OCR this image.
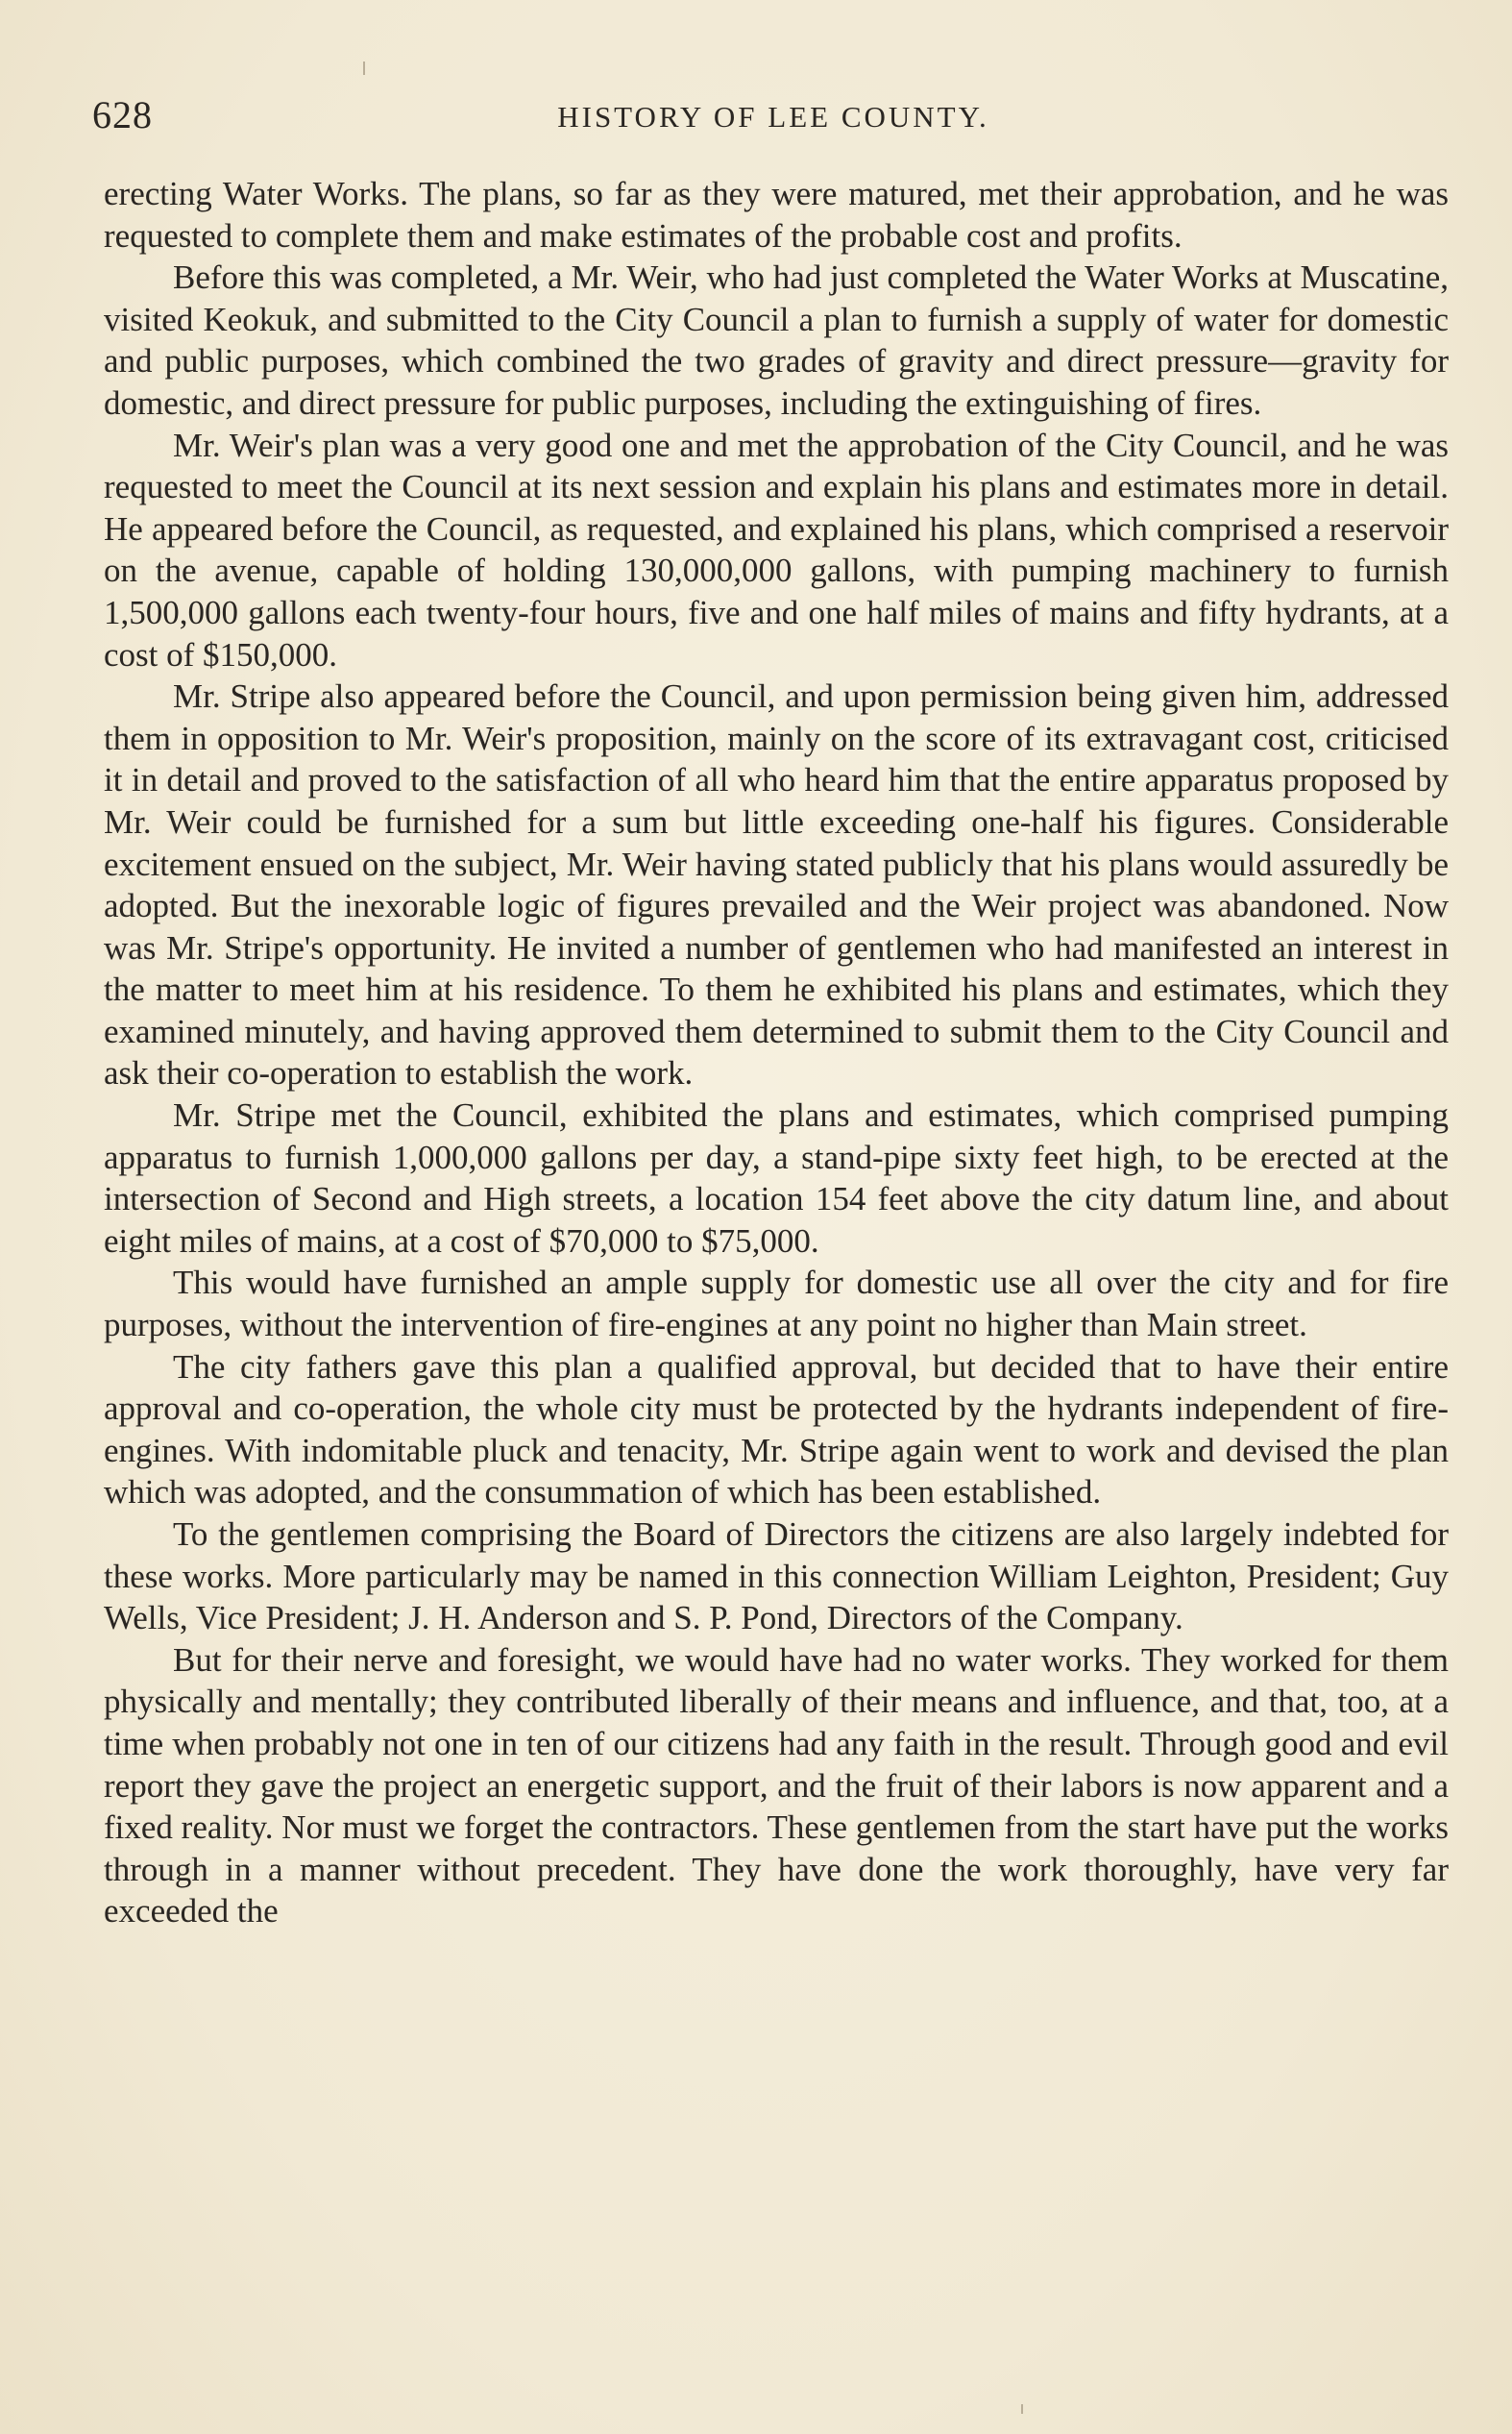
628	HISTORY OF LEE COUNTY.

erecting Water Works. The plans, so far as they were matured, met their approbation, and he was requested to complete them and make estimates of the probable cost and profits.

Before this was completed, a Mr. Weir, who had just completed the Water Works at Muscatine, visited Keokuk, and submitted to the City Council a plan to furnish a supply of water for domestic and public purposes, which combined the two grades of gravity and direct pressure—gravity for domestic, and direct pressure for public purposes, including the extinguishing of fires.

Mr. Weir's plan was a very good one and met the approbation of the City Council, and he was requested to meet the Council at its next session and explain his plans and estimates more in detail. He appeared before the Council, as requested, and explained his plans, which comprised a reservoir on the avenue, capable of holding 130,000,000 gallons, with pumping machinery to furnish 1,500,000 gallons each twenty-four hours, five and one half miles of mains and fifty hydrants, at a cost of $150,000.

Mr. Stripe also appeared before the Council, and upon permission being given him, addressed them in opposition to Mr. Weir's proposition, mainly on the score of its extravagant cost, criticised it in detail and proved to the satisfaction of all who heard him that the entire apparatus proposed by Mr. Weir could be furnished for a sum but little exceeding one-half his figures. Considerable excitement ensued on the subject, Mr. Weir having stated publicly that his plans would assuredly be adopted. But the inexorable logic of figures prevailed and the Weir project was abandoned. Now was Mr. Stripe's opportunity. He invited a number of gentlemen who had manifested an interest in the matter to meet him at his residence. To them he exhibited his plans and estimates, which they examined minutely, and having approved them determined to submit them to the City Council and ask their co-operation to establish the work.

Mr. Stripe met the Council, exhibited the plans and estimates, which comprised pumping apparatus to furnish 1,000,000 gallons per day, a stand-pipe sixty feet high, to be erected at the intersection of Second and High streets, a location 154 feet above the city datum line, and about eight miles of mains, at a cost of $70,000 to $75,000.

This would have furnished an ample supply for domestic use all over the city and for fire purposes, without the intervention of fire-engines at any point no higher than Main street.

The city fathers gave this plan a qualified approval, but decided that to have their entire approval and co-operation, the whole city must be protected by the hydrants independent of fire-engines. With indomitable pluck and tenacity, Mr. Stripe again went to work and devised the plan which was adopted, and the consummation of which has been established.

To the gentlemen comprising the Board of Directors the citizens are also largely indebted for these works. More particularly may be named in this connection William Leighton, President; Guy Wells, Vice President; J. H. Anderson and S. P. Pond, Directors of the Company.

But for their nerve and foresight, we would have had no water works. They worked for them physically and mentally; they contributed liberally of their means and influence, and that, too, at a time when probably not one in ten of our citizens had any faith in the result. Through good and evil report they gave the project an energetic support, and the fruit of their labors is now apparent and a fixed reality. Nor must we forget the contractors. These gentlemen from the start have put the works through in a manner without precedent. They have done the work thoroughly, have very far exceeded the
